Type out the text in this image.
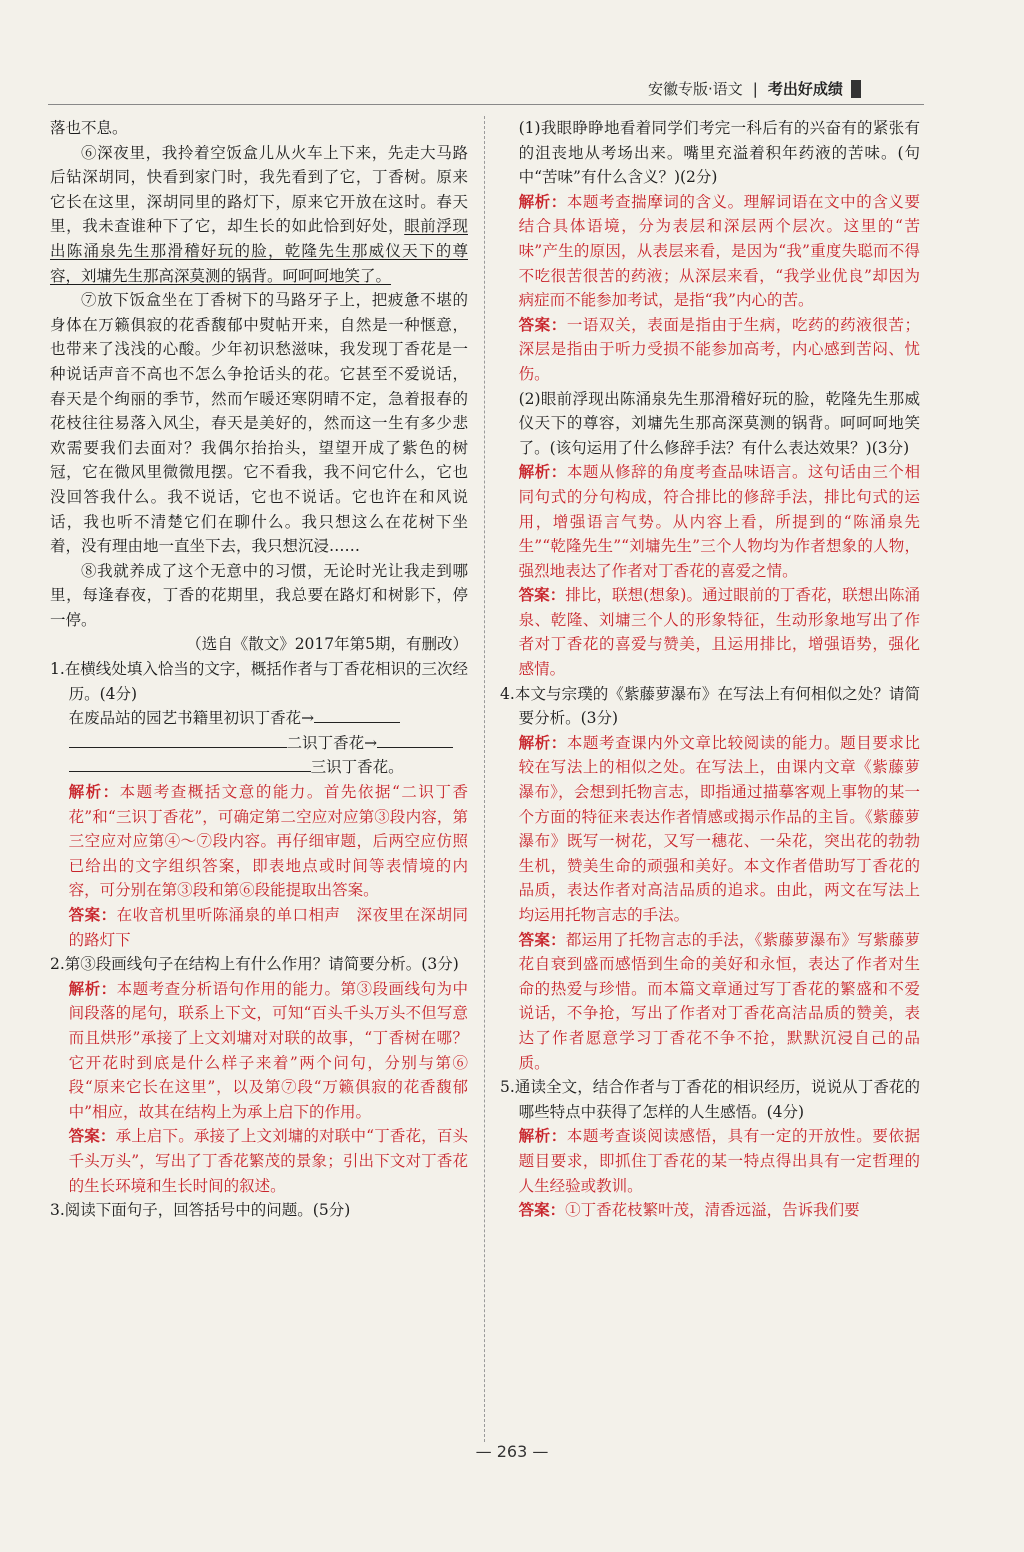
安徽专版·语文 | 考出好成绩

落也不息。

⑥深夜里，我拎着空饭盒儿从火车上下来，先走大马路后钻深胡同，快看到家门时，我先看到了它，丁香树。原来它长在这里，深胡同里的路灯下，原来它开放在这时。春天里，我未查谁种下了它，却生长的如此恰到好处，眼前浮现出陈涌泉先生那滑稽好玩的脸，乾隆先生那威仪天下的尊容，刘墉先生那高深莫测的锅背。呵呵呵地笑了。

⑦放下饭盒坐在丁香树下的马路牙子上，把疲惫不堪的身体在万籁俱寂的花香馥郁中熨帖开来，自然是一种惬意，也带来了浅浅的心酸。少年初识愁滋味，我发现丁香花是一种说话声音不高也不怎么争抢话头的花。它甚至不爱说话，春天是个绚丽的季节，然而乍暖还寒阴晴不定，急着报春的花枝往往易落入风尘，春天是美好的，然而这一生有多少悲欢需要我们去面对？我偶尔抬抬头，望望开成了紫色的树冠，它在微风里微微甩摆。它不看我，我不问它什么，它也没回答我什么。我不说话，它也不说话。它也许在和风说话，我也听不清楚它们在聊什么。我只想这么在花树下坐着，没有理由地一直坐下去，我只想沉浸……

⑧我就养成了这个无意中的习惯，无论时光让我走到哪里，每逢春夜，丁香的花期里，我总要在路灯和树影下，停一停。

（选自《散文》2017年第5期，有删改）

1.在横线处填入恰当的文字，概括作者与丁香花相识的三次经历。(4分)

在废品站的园艺书籍里初识丁香花→

二识丁香花→

三识丁香花。

解析：本题考查概括文意的能力。首先依据“二识丁香花”和“三识丁香花”，可确定第二空应对应第③段内容，第三空应对应第④～⑦段内容。再仔细审题，后两空应仿照已给出的文字组织答案，即表地点或时间等表情境的内容，可分别在第③段和第⑥段能提取出答案。

答案：在收音机里听陈涌泉的单口相声　深夜里在深胡同的路灯下

2.第③段画线句子在结构上有什么作用？请简要分析。(3分)

解析：本题考查分析语句作用的能力。第③段画线句为中间段落的尾句，联系上下文，可知“百头千头万头不但写意而且烘形”承接了上文刘墉对对联的故事，“丁香树在哪？它开花时到底是什么样子来着”两个问句，分别与第⑥段“原来它长在这里”，以及第⑦段“万籁俱寂的花香馥郁中”相应，故其在结构上为承上启下的作用。

答案：承上启下。承接了上文刘墉的对联中“丁香花，百头千头万头”，写出了丁香花繁茂的景象；引出下文对丁香花的生长环境和生长时间的叙述。

3.阅读下面句子，回答括号中的问题。(5分)

(1)我眼睁睁地看着同学们考完一科后有的兴奋有的紧张有的沮丧地从考场出来。嘴里充溢着积年药液的苦味。(句中“苦味”有什么含义？)(2分)

解析：本题考查揣摩词的含义。理解词语在文中的含义要结合具体语境，分为表层和深层两个层次。这里的“苦味”产生的原因，从表层来看，是因为“我”重度失聪而不得不吃很苦很苦的药液；从深层来看，“我学业优良”却因为病症而不能参加考试，是指“我”内心的苦。

答案：一语双关，表面是指由于生病，吃药的药液很苦；深层是指由于听力受损不能参加高考，内心感到苦闷、忧伤。

(2)眼前浮现出陈涌泉先生那滑稽好玩的脸，乾隆先生那威仪天下的尊容，刘墉先生那高深莫测的锅背。呵呵呵地笑了。(该句运用了什么修辞手法？有什么表达效果？)(3分)

解析：本题从修辞的角度考查品味语言。这句话由三个相同句式的分句构成，符合排比的修辞手法，排比句式的运用，增强语言气势。从内容上看，所提到的“陈涌泉先生”“乾隆先生”“刘墉先生”三个人物均为作者想象的人物，强烈地表达了作者对丁香花的喜爱之情。

答案：排比，联想(想象)。通过眼前的丁香花，联想出陈涌泉、乾隆、刘墉三个人的形象特征，生动形象地写出了作者对丁香花的喜爱与赞美，且运用排比，增强语势，强化感情。

4.本文与宗璞的《紫藤萝瀑布》在写法上有何相似之处？请简要分析。(3分)

解析：本题考查课内外文章比较阅读的能力。题目要求比较在写法上的相似之处。在写法上，由课内文章《紫藤萝瀑布》，会想到托物言志，即指通过描摹客观上事物的某一个方面的特征来表达作者情感或揭示作品的主旨。《紫藤萝瀑布》既写一树花，又写一穗花、一朵花，突出花的勃勃生机，赞美生命的顽强和美好。本文作者借助写丁香花的品质，表达作者对高洁品质的追求。由此，两文在写法上均运用托物言志的手法。

答案：都运用了托物言志的手法，《紫藤萝瀑布》写紫藤萝花自衰到盛而感悟到生命的美好和永恒，表达了作者对生命的热爱与珍惜。而本篇文章通过写丁香花的繁盛和不爱说话，不争抢，写出了作者对丁香花高洁品质的赞美，表达了作者愿意学习丁香花不争不抢，默默沉浸自己的品质。

5.通读全文，结合作者与丁香花的相识经历，说说从丁香花的哪些特点中获得了怎样的人生感悟。(4分)

解析：本题考查谈阅读感悟，具有一定的开放性。要依据题目要求，即抓住丁香花的某一特点得出具有一定哲理的人生经验或教训。

答案：①丁香花枝繁叶茂，清香远溢，告诉我们要

— 263 —
